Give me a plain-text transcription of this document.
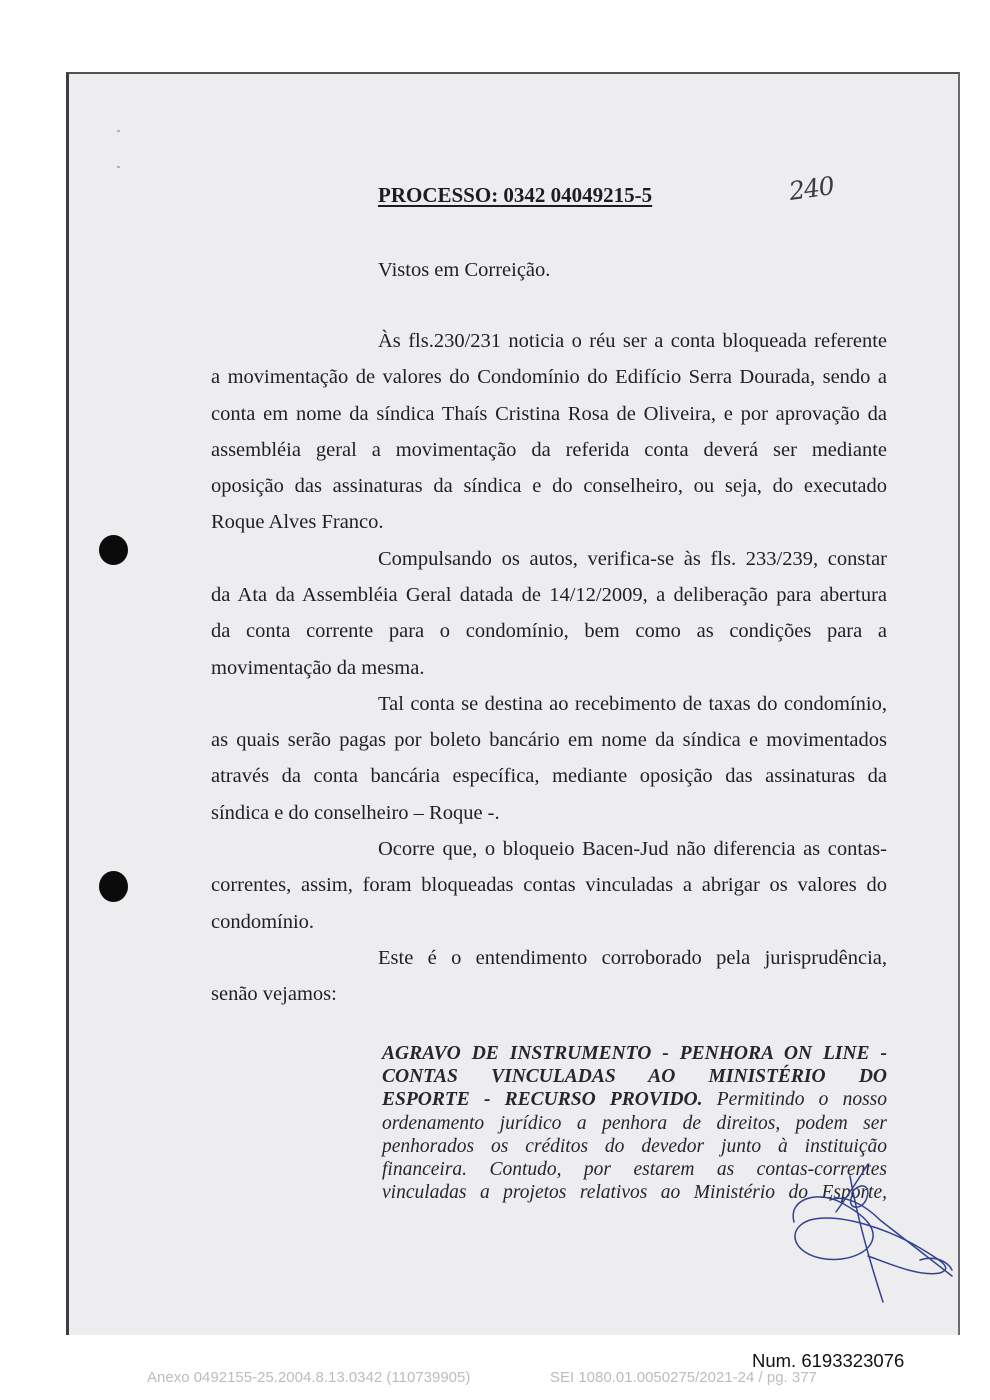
PROCESSO: 0342 04049215-5	240
Vistos em Correição.
Às fls.230/231 noticia o réu ser a conta bloqueada referente
a movimentação de valores do Condomínio do Edifício Serra Dourada, sendo a
conta em nome da síndica Thaís Cristina Rosa de Oliveira, e por aprovação da
assembléia geral a movimentação da referida conta deverá ser mediante
oposição das assinaturas da síndica e do conselheiro, ou seja, do executado
Roque Alves Franco.
Compulsando os autos, verifica-se às fls. 233/239, constar
da Ata da Assembléia Geral datada de 14/12/2009, a deliberação para abertura
da conta corrente para o condomínio, bem como as condições para a
movimentação da mesma.
Tal conta se destina ao recebimento de taxas do condomínio,
as quais serão pagas por boleto bancário em nome da síndica e movimentados
através da conta bancária específica, mediante oposição das assinaturas da
síndica e do conselheiro – Roque -.
Ocorre que, o bloqueio Bacen-Jud não diferencia as contas-
correntes, assim, foram bloqueadas contas vinculadas a abrigar os valores do
condomínio.
Este é o entendimento corroborado pela jurisprudência,
senão vejamos:
AGRAVO DE INSTRUMENTO - PENHORA ON LINE -
CONTAS VINCULADAS AO MINISTÉRIO DO
ESPORTE - RECURSO PROVIDO. Permitindo o nosso
ordenamento jurídico a penhora de direitos, podem ser
penhorados os créditos do devedor junto à instituição
financeira. Contudo, por estarem as contas-correntes
vinculadas a projetos relativos ao Ministério do Esporte,
Num. 6193323076
Anexo 0492155-25.2004.8.13.0342 (110739905)	SEI 1080.01.0050275/2021-24 / pg. 377
